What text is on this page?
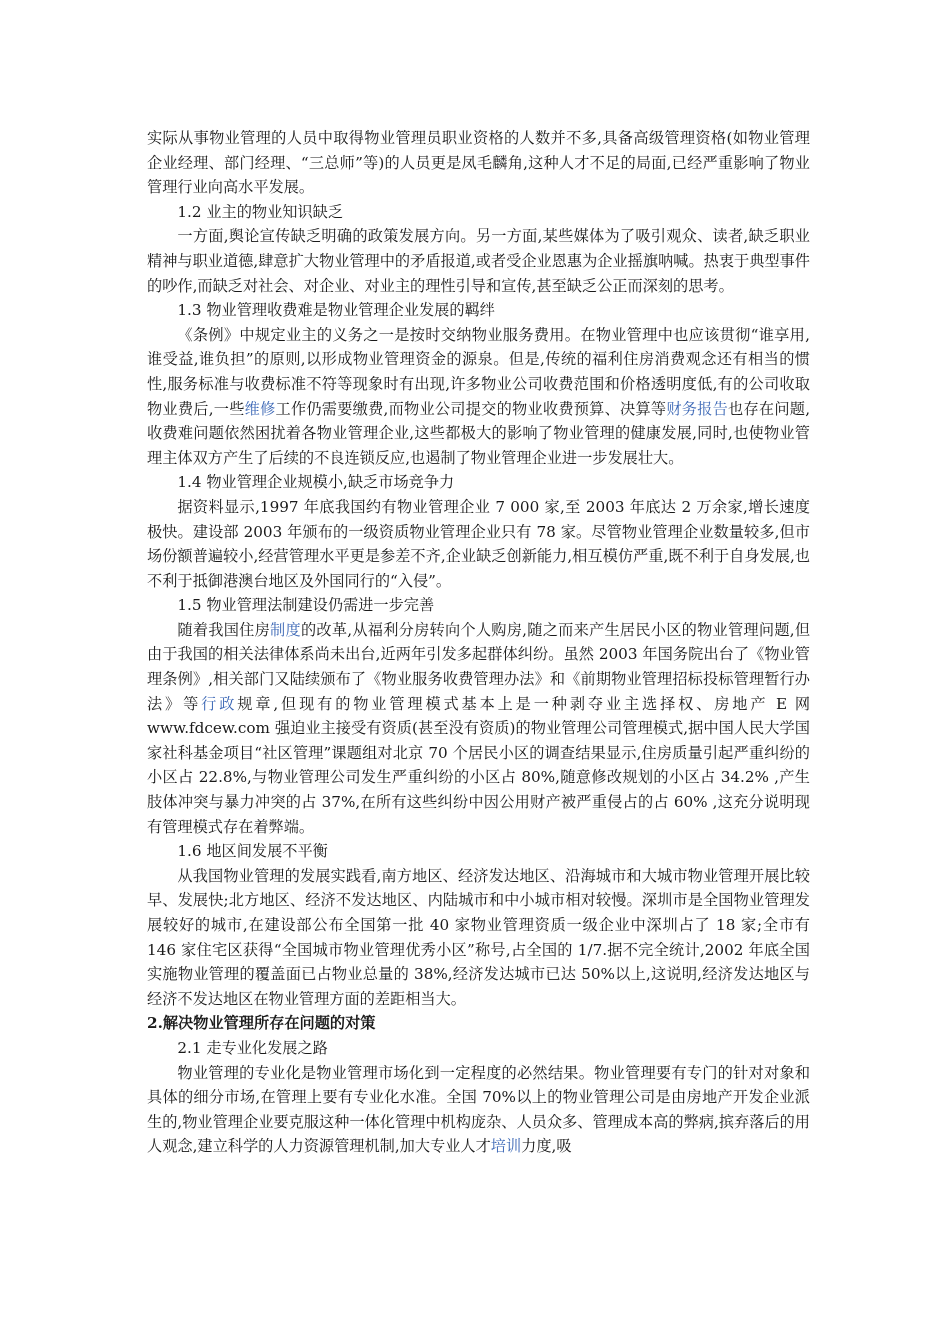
实际从事物业管理的人员中取得物业管理员职业资格的人数并不多,具备高级管理资格(如物业管理企业经理、部门经理、“三总师”等)的人员更是凤毛麟角,这种人才不足的局面,已经严重影响了物业管理行业向高水平发展。

1.2 业主的物业知识缺乏

一方面,舆论宣传缺乏明确的政策发展方向。另一方面,某些媒体为了吸引观众、读者,缺乏职业精神与职业道德,肆意扩大物业管理中的矛盾报道,或者受企业恩惠为企业摇旗呐喊。热衷于典型事件的吵作,而缺乏对社会、对企业、对业主的理性引导和宣传,甚至缺乏公正而深刻的思考。

1.3 物业管理收费难是物业管理企业发展的羁绊

《条例》中规定业主的义务之一是按时交纳物业服务费用。在物业管理中也应该贯彻“谁享用,谁受益,谁负担”的原则,以形成物业管理资金的源泉。但是,传统的福利住房消费观念还有相当的惯性,服务标准与收费标准不符等现象时有出现,许多物业公司收费范围和价格透明度低,有的公司收取物业费后,一些维修工作仍需要缴费,而物业公司提交的物业收费预算、决算等财务报告也存在问题,收费难问题依然困扰着各物业管理企业,这些都极大的影响了物业管理的健康发展,同时,也使物业管理主体双方产生了后续的不良连锁反应,也遏制了物业管理企业进一步发展壮大。

1.4 物业管理企业规模小,缺乏市场竞争力

据资料显示,1997 年底我国约有物业管理企业 7 000 家,至 2003 年底达 2 万余家,增长速度极快。建设部 2003 年颁布的一级资质物业管理企业只有 78 家。尽管物业管理企业数量较多,但市场份额普遍较小,经营管理水平更是参差不齐,企业缺乏创新能力,相互模仿严重,既不利于自身发展,也不利于抵御港澳台地区及外国同行的“入侵”。

1.5 物业管理法制建设仍需进一步完善

随着我国住房制度的改革,从福利分房转向个人购房,随之而来产生居民小区的物业管理问题,但由于我国的相关法律体系尚未出台,近两年引发多起群体纠纷。虽然 2003 年国务院出台了《物业管理条例》,相关部门又陆续颁布了《物业服务收费管理办法》和《前期物业管理招标投标管理暂行办法》等行政规章,但现有的物业管理模式基本上是一种剥夺业主选择权、房地产 E 网 www.fdcew.com 强迫业主接受有资质(甚至没有资质)的物业管理公司管理模式,据中国人民大学国家社科基金项目“社区管理”课题组对北京 70 个居民小区的调查结果显示,住房质量引起严重纠纷的小区占 22.8%,与物业管理公司发生严重纠纷的小区占 80%,随意修改规划的小区占 34.2% ,产生肢体冲突与暴力冲突的占 37%,在所有这些纠纷中因公用财产被严重侵占的占 60% ,这充分说明现有管理模式存在着弊端。

1.6 地区间发展不平衡

从我国物业管理的发展实践看,南方地区、经济发达地区、沿海城市和大城市物业管理开展比较早、发展快;北方地区、经济不发达地区、内陆城市和中小城市相对较慢。深圳市是全国物业管理发展较好的城市,在建设部公布全国第一批 40 家物业管理资质一级企业中深圳占了 18 家;全市有 146 家住宅区获得“全国城市物业管理优秀小区”称号,占全国的 1/7.据不完全统计,2002 年底全国实施物业管理的覆盖面已占物业总量的 38%,经济发达城市已达 50%以上,这说明,经济发达地区与经济不发达地区在物业管理方面的差距相当大。

2.解决物业管理所存在问题的对策

2.1 走专业化发展之路

物业管理的专业化是物业管理市场化到一定程度的必然结果。物业管理要有专门的针对对象和具体的细分市场,在管理上要有专业化水准。全国 70%以上的物业管理公司是由房地产开发企业派生的,物业管理企业要克服这种一体化管理中机构庞杂、人员众多、管理成本高的弊病,摈弃落后的用人观念,建立科学的人力资源管理机制,加大专业人才培训力度,吸
